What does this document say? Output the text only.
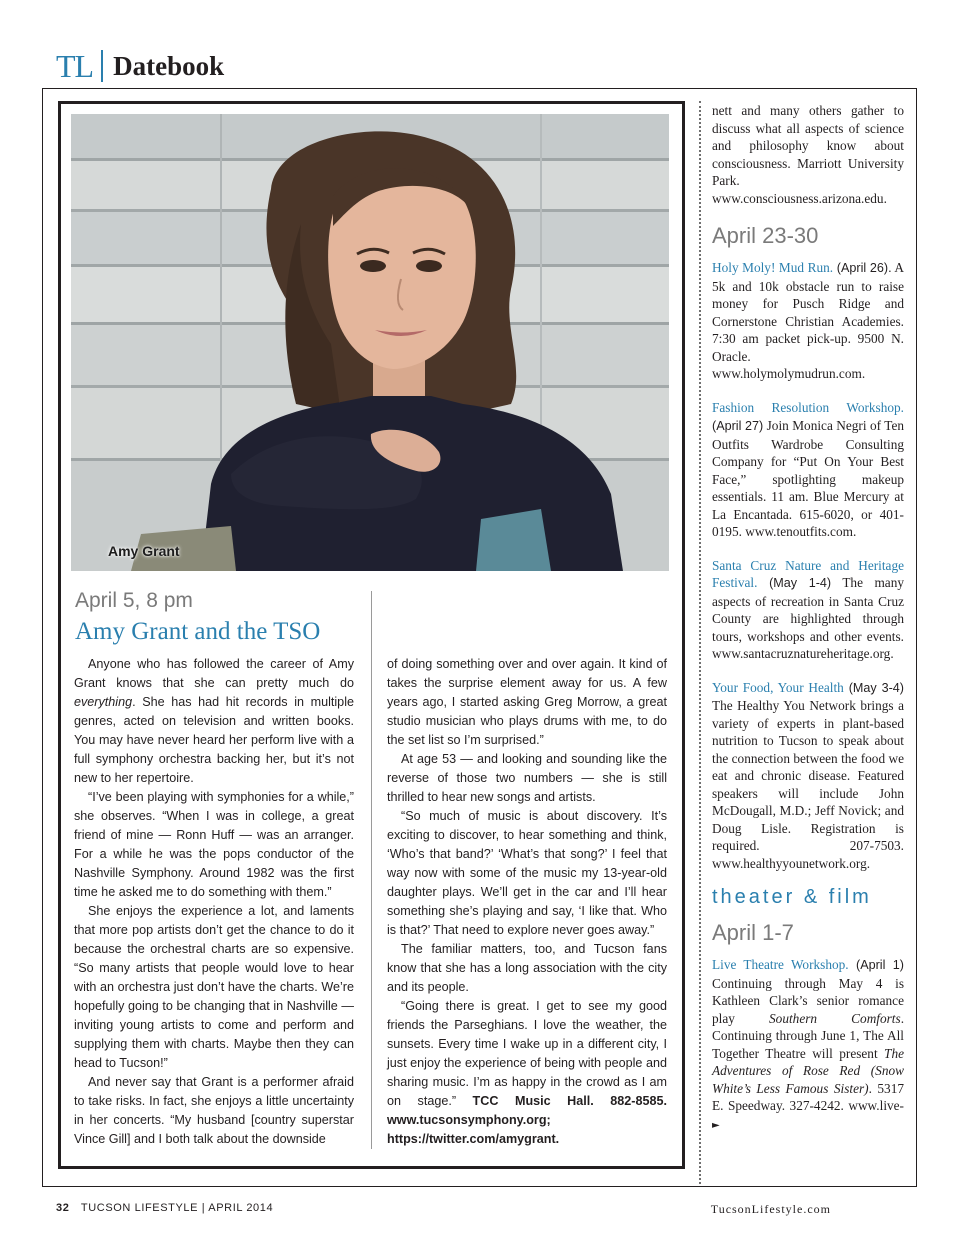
TL Datebook
Amy Grant
April 5, 8 pm
Amy Grant and the TSO

Anyone who has followed the career of Amy Grant knows that she can pretty much do everything. She has had hit records in multiple genres, acted on television and written books. You may have never heard her perform live with a full symphony orchestra backing her, but it’s not new to her repertoire.

“I’ve been playing with symphonies for a while,” she observes. “When I was in college, a great friend of mine — Ronn Huff — was an arranger. For a while he was the pops conductor of the Nashville Symphony. Around 1982 was the first time he asked me to do something with them.”

She enjoys the experience a lot, and laments that more pop artists don’t get the chance to do it because the orchestral charts are so expensive. “So many artists that people would love to hear with an orchestra just don’t have the charts. We’re hopefully going to be changing that in Nashville — inviting young artists to come and perform and supplying them with charts. Maybe then they can head to Tucson!”

And never say that Grant is a performer afraid to take risks. In fact, she enjoys a little uncertainty in her concerts. “My husband [country superstar Vince Gill] and I both talk about the downside

of doing something over and over again. It kind of takes the surprise element away for us. A few years ago, I started asking Greg Morrow, a great studio musician who plays drums with me, to do the set list so I’m surprised.”

At age 53 — and looking and sounding like the reverse of those two numbers — she is still thrilled to hear new songs and artists.

“So much of music is about discovery. It’s exciting to discover, to hear something and think, ‘Who’s that band?’ ‘What’s that song?’ I feel that way now with some of the music my 13-year-old daughter plays. We’ll get in the car and I’ll hear something she’s playing and say, ‘I like that. Who is that?’ That need to explore never goes away.”

The familiar matters, too, and Tucson fans know that she has a long association with the city and its people.

“Going there is great. I get to see my good friends the Parseghians. I love the weather, the sunsets. Every time I wake up in a different city, I just enjoy the experience of being with people and sharing music. I’m as happy in the crowd as I am on stage.” TCC Music Hall. 882-8585. www.tucsonsymphony.org; https://twitter.com/amygrant.

nett and many others gather to discuss what all aspects of science and philosophy know about consciousness. Marriott University Park. www.consciousness.arizona.edu.

April 23-30

Holy Moly! Mud Run. (April 26). A 5k and 10k obstacle run to raise money for Pusch Ridge and Cornerstone Christian Academies. 7:30 am packet pick-up. 9500 N. Oracle. www.holymolymudrun.com.

Fashion Resolution Workshop. (April 27) Join Monica Negri of Ten Outfits Wardrobe Consulting Company for “Put On Your Best Face,” spotlighting makeup essentials. 11 am. Blue Mercury at La Encantada. 615-6020, or 401-0195. www.tenoutfits.com.

Santa Cruz Nature and Heritage Festival. (May 1-4) The many aspects of recreation in Santa Cruz County are highlighted through tours, workshops and other events. www.santacruznatureheritage.org.

Your Food, Your Health (May 3-4) The Healthy You Network brings a variety of experts in plant-based nutrition to Tucson to speak about the connection between the food we eat and chronic disease. Featured speakers will include John McDougall, M.D.; Jeff Novick; and Doug Lisle. Registration is required. 207-7503. www.healthyyounetwork.org.

theater & film
April 1-7

Live Theatre Workshop. (April 1) Continuing through May 4 is Kathleen Clark’s senior romance play Southern Comforts. Continuing through June 1, The All Together Theatre will present The Adventures of Rose Red (Snow White’s Less Famous Sister). 5317 E. Speedway. 327-4242. www.live-►

32 TUCSON LIFESTYLE | APRIL 2014	TucsonLifestyle.com
